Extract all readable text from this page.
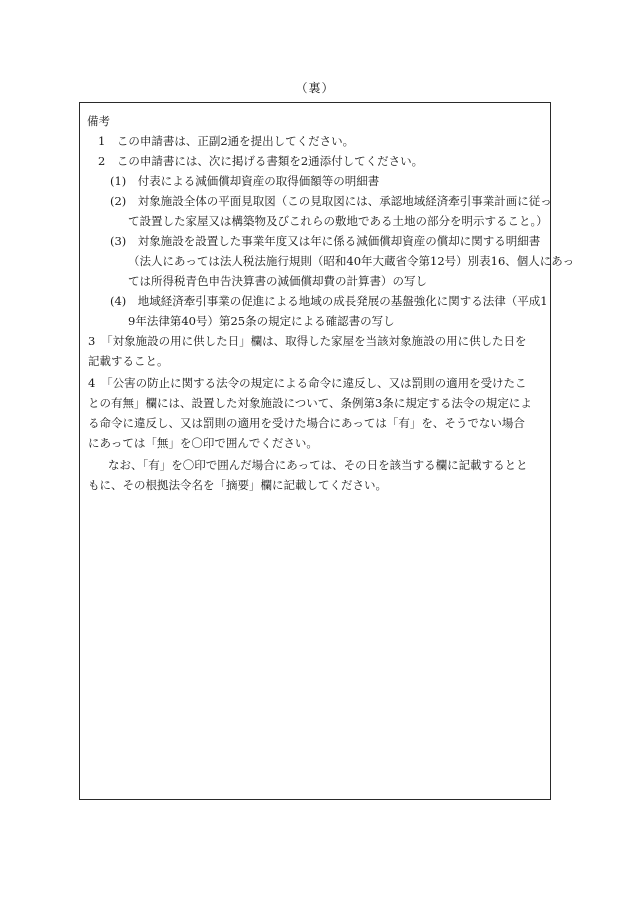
（裏）
備考
1　この申請書は、正副2通を提出してください。
2　この申請書には、次に掲げる書類を2通添付してください。
(1)　付表による減価償却資産の取得価額等の明細書
(2)　対象施設全体の平面見取図（この見取図には、承認地域経済牽引事業計画に従っ
て設置した家屋又は構築物及びこれらの敷地である土地の部分を明示すること。）
(3)　対象施設を設置した事業年度又は年に係る減価償却資産の償却に関する明細書
（法人にあっては法人税法施行規則（昭和40年大蔵省令第12号）別表16、個人にあっ
ては所得税青色申告決算書の減価償却費の計算書）の写し
(4)　地域経済牽引事業の促進による地域の成長発展の基盤強化に関する法律（平成1
9年法律第40号）第25条の規定による確認書の写し
3　「対象施設の用に供した日」欄は、取得した家屋を当該対象施設の用に供した日を
記載すること。
4　「公害の防止に関する法令の規定による命令に違反し、又は罰則の適用を受けたこ
との有無」欄には、設置した対象施設について、条例第3条に規定する法令の規定によ
る命令に違反し、又は罰則の適用を受けた場合にあっては「有」を、そうでない場合
にあっては「無」を〇印で囲んでください。
なお、「有」を〇印で囲んだ場合にあっては、その日を該当する欄に記載するとと
もに、その根拠法令名を「摘要」欄に記載してください。
